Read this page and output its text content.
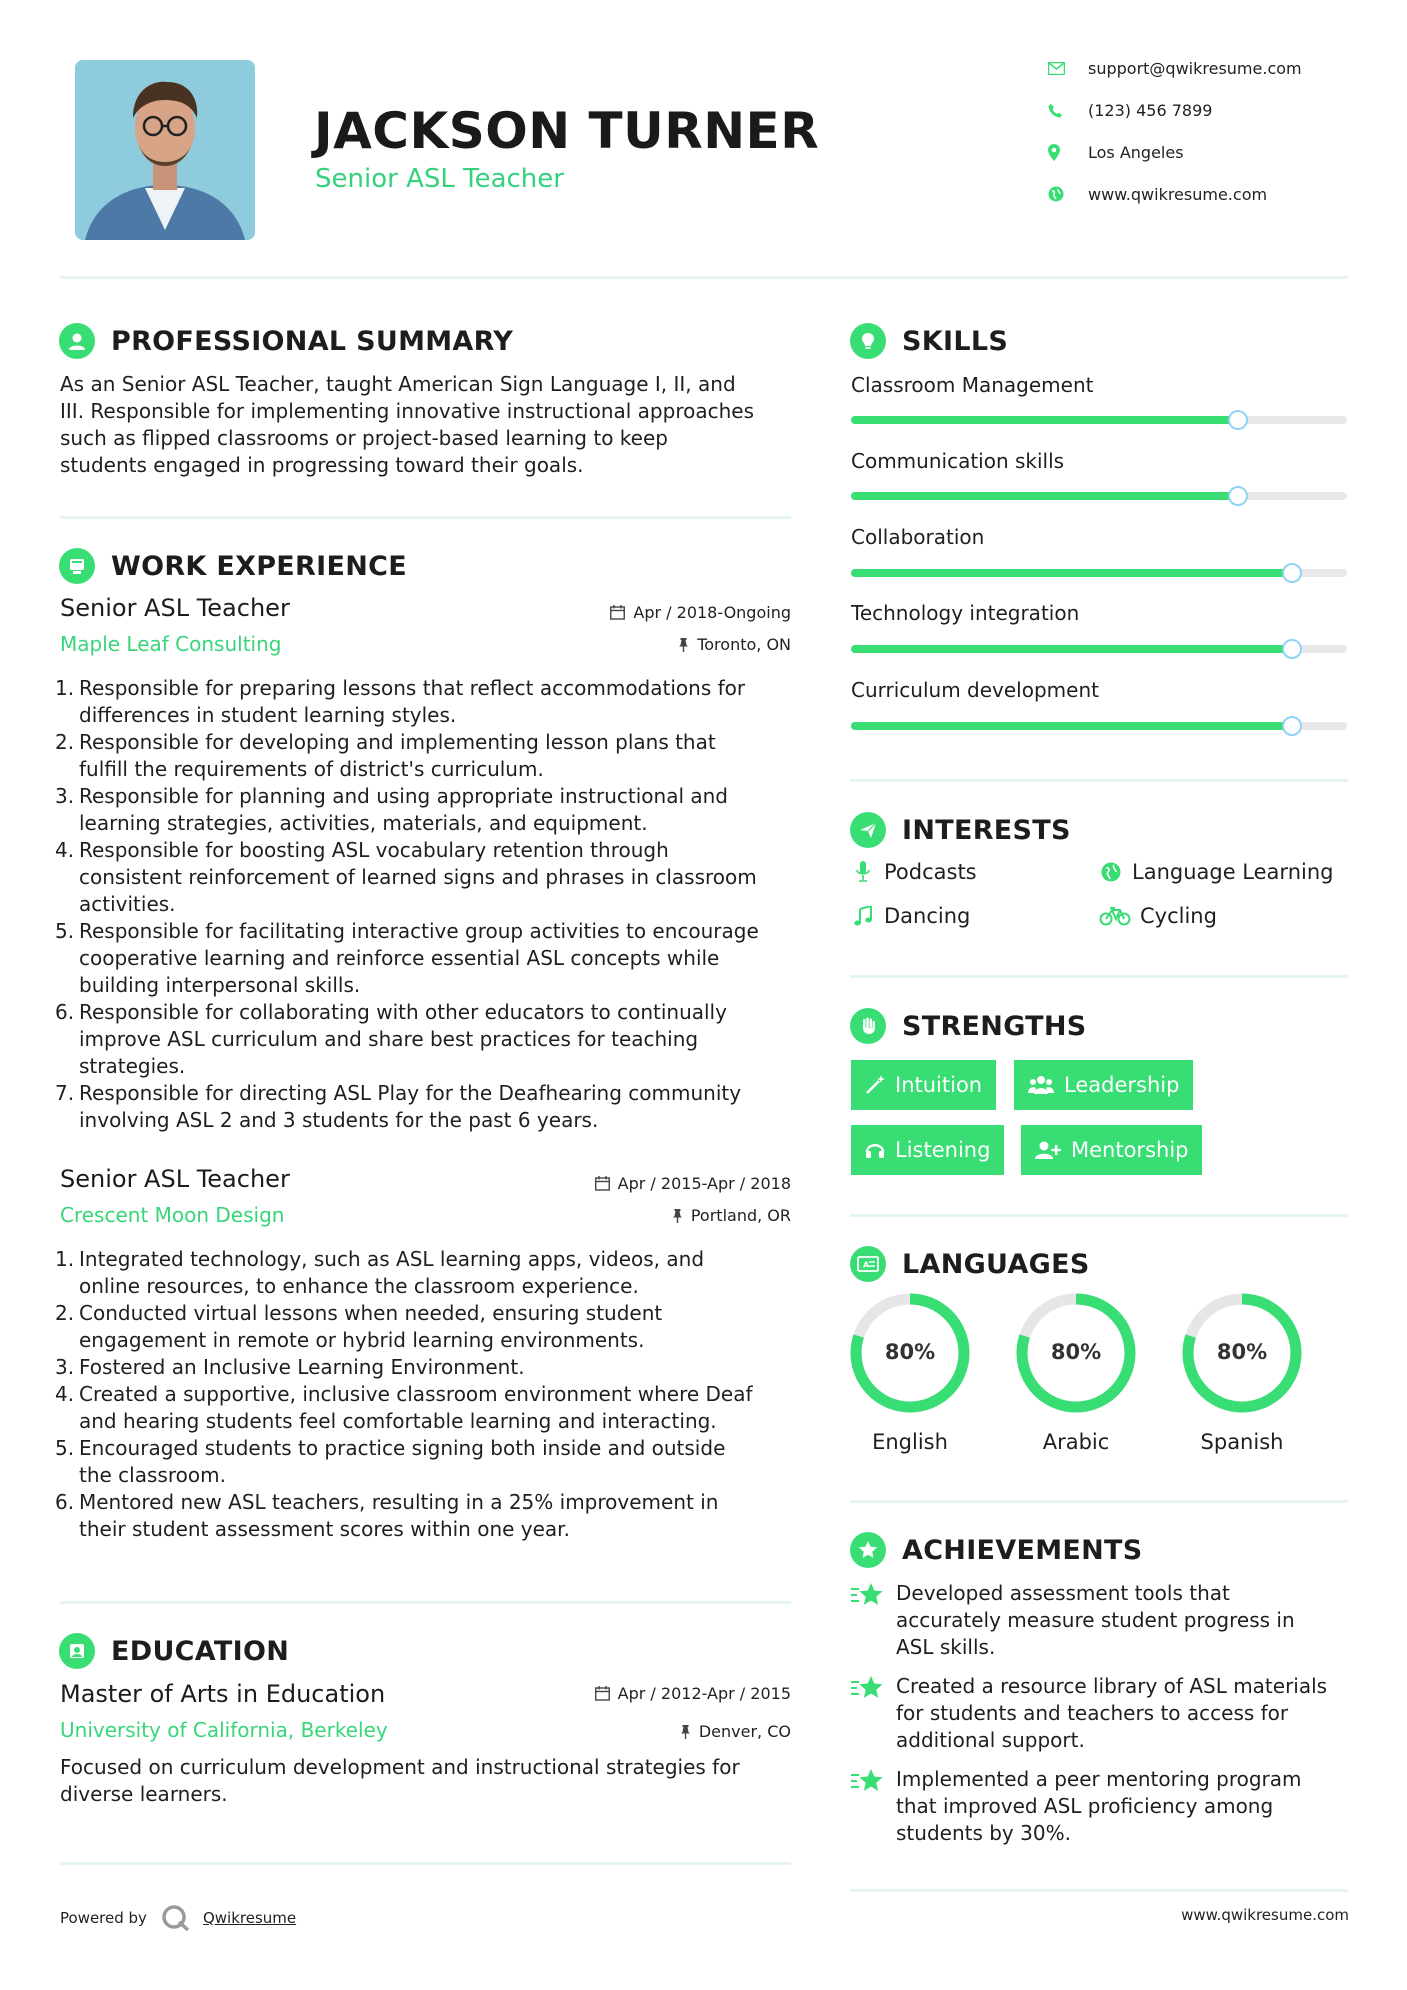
JACKSON TURNER
Senior ASL Teacher
support@qwikresume.com
(123) 456 7899
Los Angeles
www.qwikresume.com
PROFESSIONAL SUMMARY
As an Senior ASL Teacher, taught American Sign Language I, II, and
III. Responsible for implementing innovative instructional approaches
such as flipped classrooms or project-based learning to keep
students engaged in progressing toward their goals.
WORK EXPERIENCE
Senior ASL Teacher	Apr / 2018-Ongoing
Maple Leaf Consulting	Toronto, ON
1. Responsible for preparing lessons that reflect accommodations for
differences in student learning styles.
2. Responsible for developing and implementing lesson plans that
fulfill the requirements of district's curriculum.
3. Responsible for planning and using appropriate instructional and
learning strategies, activities, materials, and equipment.
4. Responsible for boosting ASL vocabulary retention through
consistent reinforcement of learned signs and phrases in classroom
activities.
5. Responsible for facilitating interactive group activities to encourage
cooperative learning and reinforce essential ASL concepts while
building interpersonal skills.
6. Responsible for collaborating with other educators to continually
improve ASL curriculum and share best practices for teaching
strategies.
7. Responsible for directing ASL Play for the Deafhearing community
involving ASL 2 and 3 students for the past 6 years.
Senior ASL Teacher	Apr / 2015-Apr / 2018
Crescent Moon Design	Portland, OR
1. Integrated technology, such as ASL learning apps, videos, and
online resources, to enhance the classroom experience.
2. Conducted virtual lessons when needed, ensuring student
engagement in remote or hybrid learning environments.
3. Fostered an Inclusive Learning Environment.
4. Created a supportive, inclusive classroom environment where Deaf
and hearing students feel comfortable learning and interacting.
5. Encouraged students to practice signing both inside and outside
the classroom.
6. Mentored new ASL teachers, resulting in a 25% improvement in
their student assessment scores within one year.
EDUCATION
Master of Arts in Education	Apr / 2012-Apr / 2015
University of California, Berkeley	Denver, CO
Focused on curriculum development and instructional strategies for
diverse learners.
SKILLS
Classroom Management
Communication skills
Collaboration
Technology integration
Curriculum development
INTERESTS
Podcasts	Language Learning
Dancing	Cycling
STRENGTHS
Intuition	Leadership
Listening	Mentorship
A LANGUAGES
80%
English
80%
Arabic
80%
Spanish
ACHIEVEMENTS
Developed assessment tools that
accurately measure student progress in
ASL skills.
Created a resource library of ASL materials
for students and teachers to access for
additional support.
Implemented a peer mentoring program
that improved ASL proficiency among
students by 30%.
Powered by	Qwikresume	www.qwikresume.com
